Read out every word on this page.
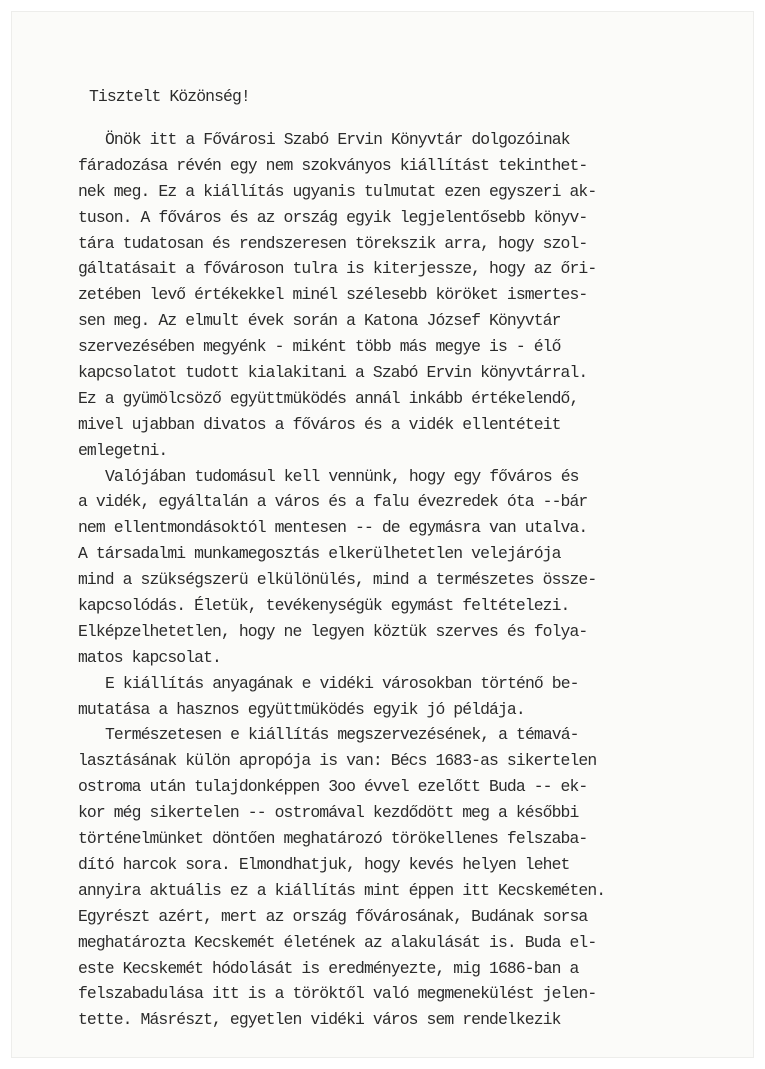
Tisztelt Közönség!

Önök itt a Fővárosi Szabó Ervin Könyvtár dolgozóinak
fáradozása révén egy nem szokványos kiállítást tekinthet-
nek meg. Ez a kiállítás ugyanis tulmutat ezen egyszeri ak-
tuson. A főváros és az ország egyik legjelentősebb könyv-
tára tudatosan és rendszeresen törekszik arra, hogy szol-
gáltatásait a fővároson tulra is kiterjessze, hogy az őri-
zetében levő értékekkel minél szélesebb köröket ismertes-
sen meg. Az elmult évek során a Katona József Könyvtár
szervezésében megyénk - miként több más megye is - élő
kapcsolatot tudott kialakitani a Szabó Ervin könyvtárral.
Ez a gyümölcsöző együttmüködés annál inkább értékelendő,
mivel ujabban divatos a főváros és a vidék ellentéteit
emlegetni.
Valójában tudomásul kell vennünk, hogy egy főváros és
a vidék, egyáltalán a város és a falu évezredek óta --bár
nem ellentmondásoktól mentesen -- de egymásra van utalva.
A társadalmi munkamegosztás elkerülhetetlen velejárója
mind a szükségszerü elkülönülés, mind a természetes össze-
kapcsolódás. Életük, tevékenységük egymást feltételezi.
Elképzelhetetlen, hogy ne legyen köztük szerves és folya-
matos kapcsolat.
E kiállítás anyagának e vidéki városokban történő be-
mutatása a hasznos együttmüködés egyik jó példája.
Természetesen e kiállítás megszervezésének, a témavá-
lasztásának külön apropója is van: Bécs 1683-as sikertelen
ostroma után tulajdonképpen 3oo évvel ezelőtt Buda -- ek-
kor még sikertelen -- ostromával kezdődött meg a későbbi
történelmünket döntően meghatározó törökellenes felszaba-
dító harcok sora. Elmondhatjuk, hogy kevés helyen lehet
annyira aktuális ez a kiállítás mint éppen itt Kecskeméten.
Egyrészt azért, mert az ország fővárosának, Budának sorsa
meghatározta Kecskemét életének az alakulását is. Buda el-
este Kecskemét hódolását is eredményezte, mig 1686-ban a
felszabadulása itt is a töröktől való megmenekülést jelen-
tette. Másrészt, egyetlen vidéki város sem rendelkezik
